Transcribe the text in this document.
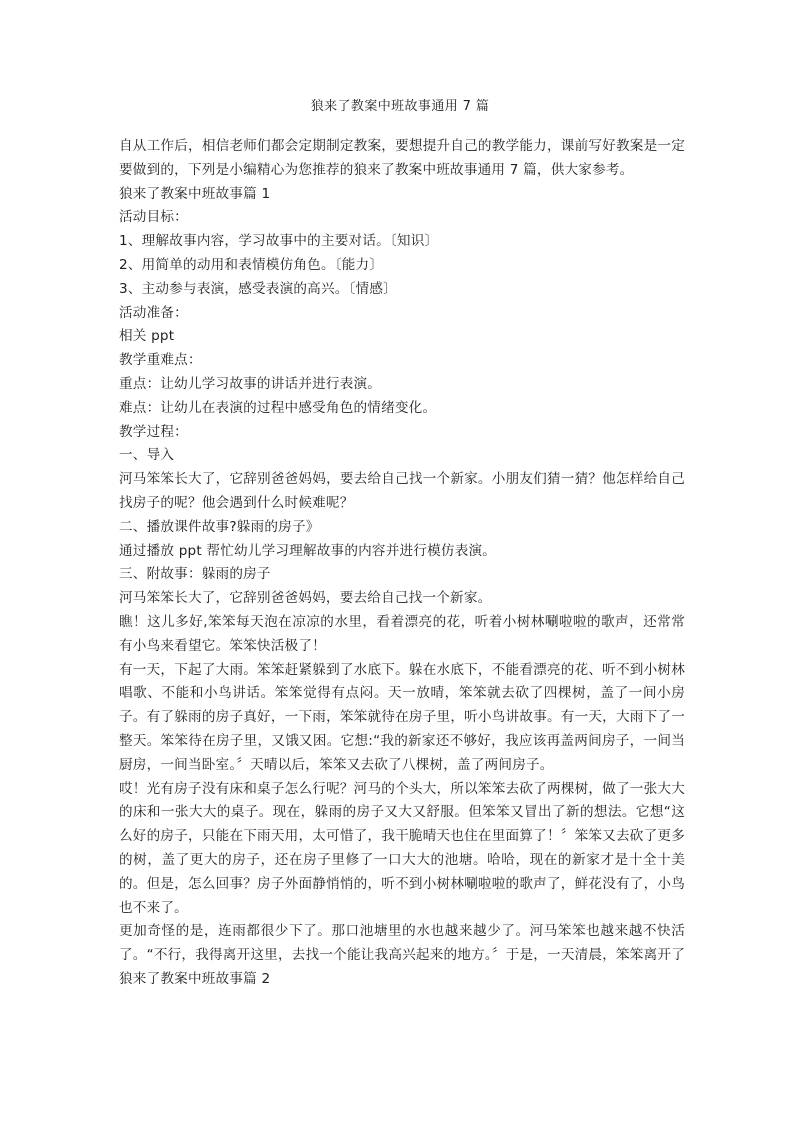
狼来了教案中班故事通用 7 篇

自从工作后，相信老师们都会定期制定教案，要想提升自己的教学能力，课前写好教案是一定要做到的，下列是小编精心为您推荐的狼来了教案中班故事通用 7 篇，供大家参考。

狼来了教案中班故事篇 1

活动目标：

1、理解故事内容，学习故事中的主要对话。〔知识〕

2、用简单的动用和表情模仿角色。〔能力〕

3、主动参与表演，感受表演的高兴。〔情感〕

活动准备：

相关 ppt

教学重难点：

重点：让幼儿学习故事的讲话并进行表演。

难点：让幼儿在表演的过程中感受角色的情绪变化。

教学过程：

一、导入

河马笨笨长大了，它辞别爸爸妈妈，要去给自己找一个新家。小朋友们猜一猜？他怎样给自己找房子的呢？他会遇到什么时候难呢？

二、播放课件故事?躲雨的房子》

通过播放 ppt 帮忙幼儿学习理解故事的内容并进行模仿表演。

三、附故事：躲雨的房子

河马笨笨长大了，它辞别爸爸妈妈，要去给自己找一个新家。

瞧！这儿多好,笨笨每天泡在凉凉的水里，看着漂亮的花，听着小树林唰啦啦的歌声，还常常有小鸟来看望它。笨笨快活极了！

有一天，下起了大雨。笨笨赶紧躲到了水底下。躲在水底下，不能看漂亮的花、听不到小树林唱歌、不能和小鸟讲话。笨笨觉得有点闷。天一放晴，笨笨就去砍了四棵树，盖了一间小房子。有了躲雨的房子真好，一下雨，笨笨就待在房子里，听小鸟讲故事。有一天，大雨下了一整天。笨笨待在房子里，又饿又困。它想:“我的新家还不够好，我应该再盖两间房子，一间当厨房，一间当卧室。〞天晴以后，笨笨又去砍了八棵树，盖了两间房子。

哎！光有房子没有床和桌子怎么行呢？河马的个头大，所以笨笨去砍了两棵树，做了一张大大的床和一张大大的桌子。现在，躲雨的房子又大又舒服。但笨笨又冒出了新的想法。它想“这么好的房子，只能在下雨天用，太可惜了，我干脆晴天也住在里面算了！〞笨笨又去砍了更多的树，盖了更大的房子，还在房子里修了一口大大的池塘。哈哈，现在的新家才是十全十美的。但是，怎么回事？房子外面静悄悄的，听不到小树林唰啦啦的歌声了，鲜花没有了，小鸟也不来了。

更加奇怪的是，连雨都很少下了。那口池塘里的水也越来越少了。河马笨笨也越来越不快活了。“不行，我得离开这里，去找一个能让我高兴起来的地方。〞于是，一天清晨，笨笨离开了

狼来了教案中班故事篇 2
